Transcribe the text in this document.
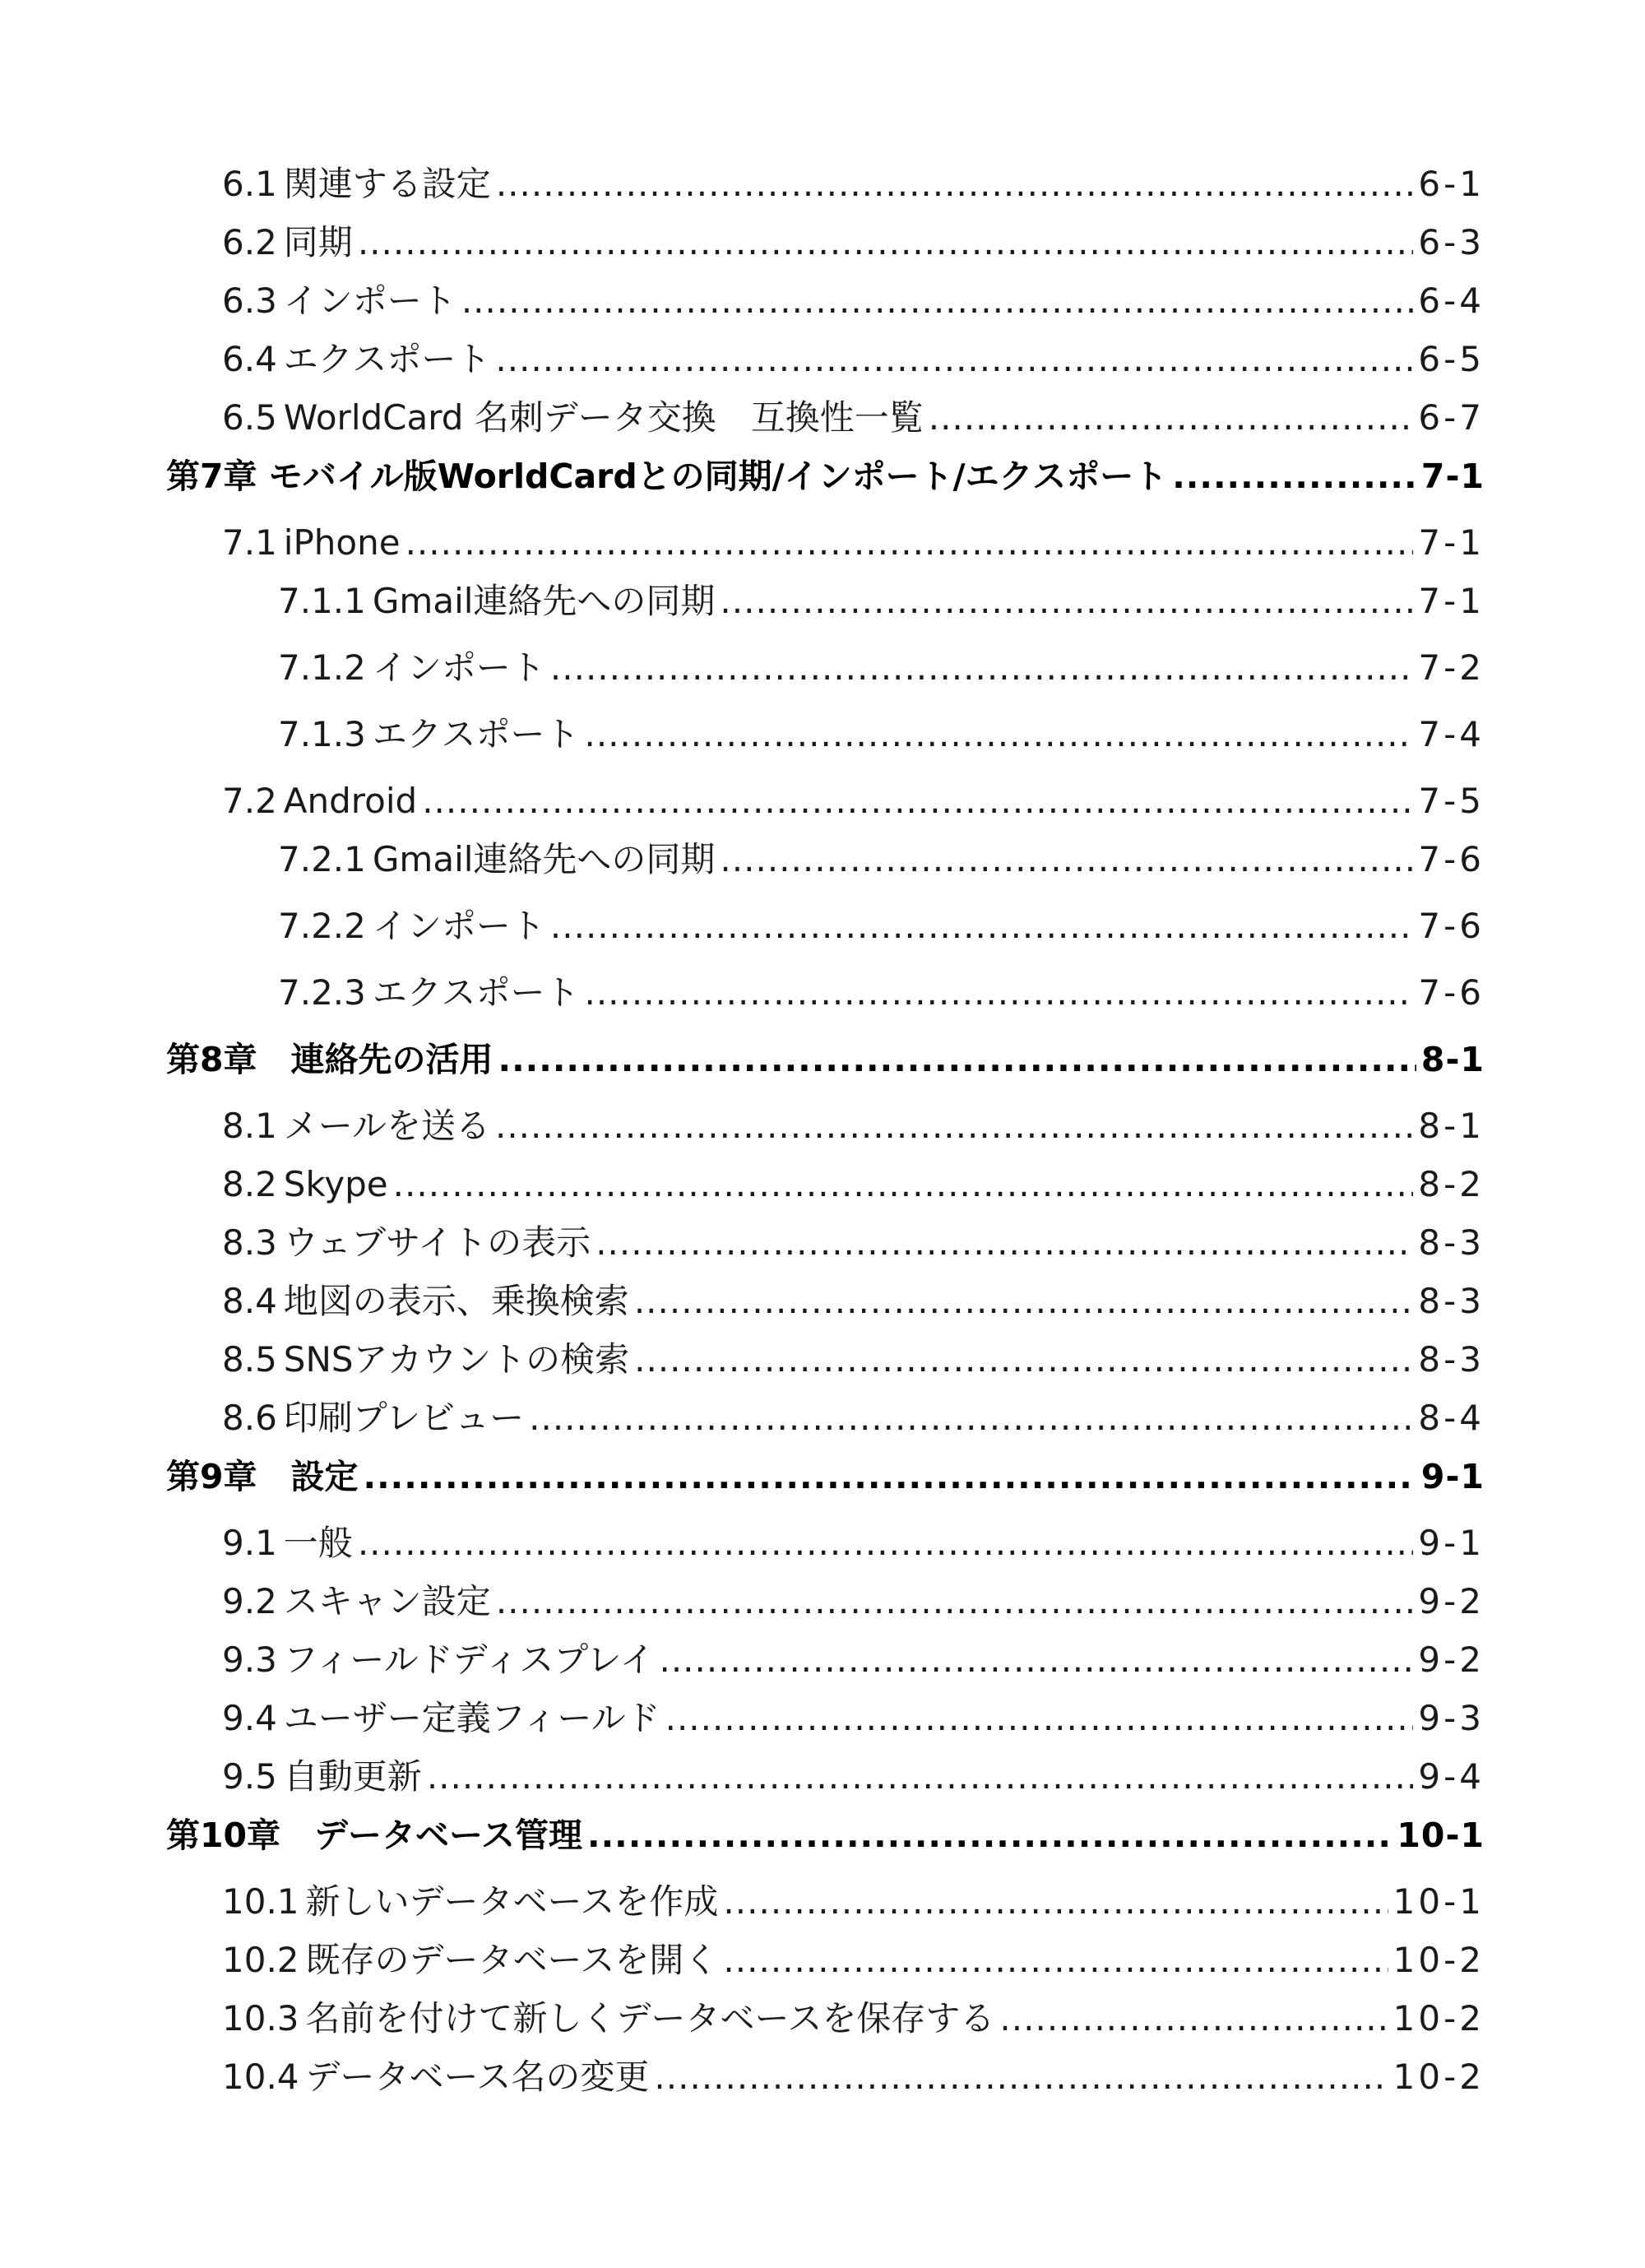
6.1 関連する設定 .....	6-1
6.2 同期 .....	6-3
6.3 インポート .....	6-4
6.4 エクスポート .....	6-5
6.5 WorldCard 名刺データ交換　互換性一覧 .....	6-7
第7章 モバイル版WorldCardとの同期/インポート/エクスポート .....	7-1
7.1 iPhone .....	7-1
7.1.1 Gmail連絡先への同期 .....	7-1
7.1.2 インポート .....	7-2
7.1.3 エクスポート .....	7-4
7.2 Android .....	7-5
7.2.1 Gmail連絡先への同期 .....	7-6
7.2.2 インポート .....	7-6
7.2.3 エクスポート .....	7-6
第8章　連絡先の活用 .....	8-1
8.1 メールを送る .....	8-1
8.2 Skype .....	8-2
8.3 ウェブサイトの表示 .....	8-3
8.4 地図の表示、乗換検索 .....	8-3
8.5 SNSアカウントの検索 .....	8-3
8.6 印刷プレビュー .....	8-4
第9章　設定 .....	9-1
9.1 一般 .....	9-1
9.2 スキャン設定 .....	9-2
9.3 フィールドディスプレイ .....	9-2
9.4 ユーザー定義フィールド .....	9-3
9.5 自動更新 .....	9-4
第10章　データベース管理 .....	10-1
10.1 新しいデータベースを作成 .....	10-1
10.2 既存のデータベースを開く .....	10-2
10.3 名前を付けて新しくデータベースを保存する .....	10-2
10.4 データベース名の変更 .....	10-2
